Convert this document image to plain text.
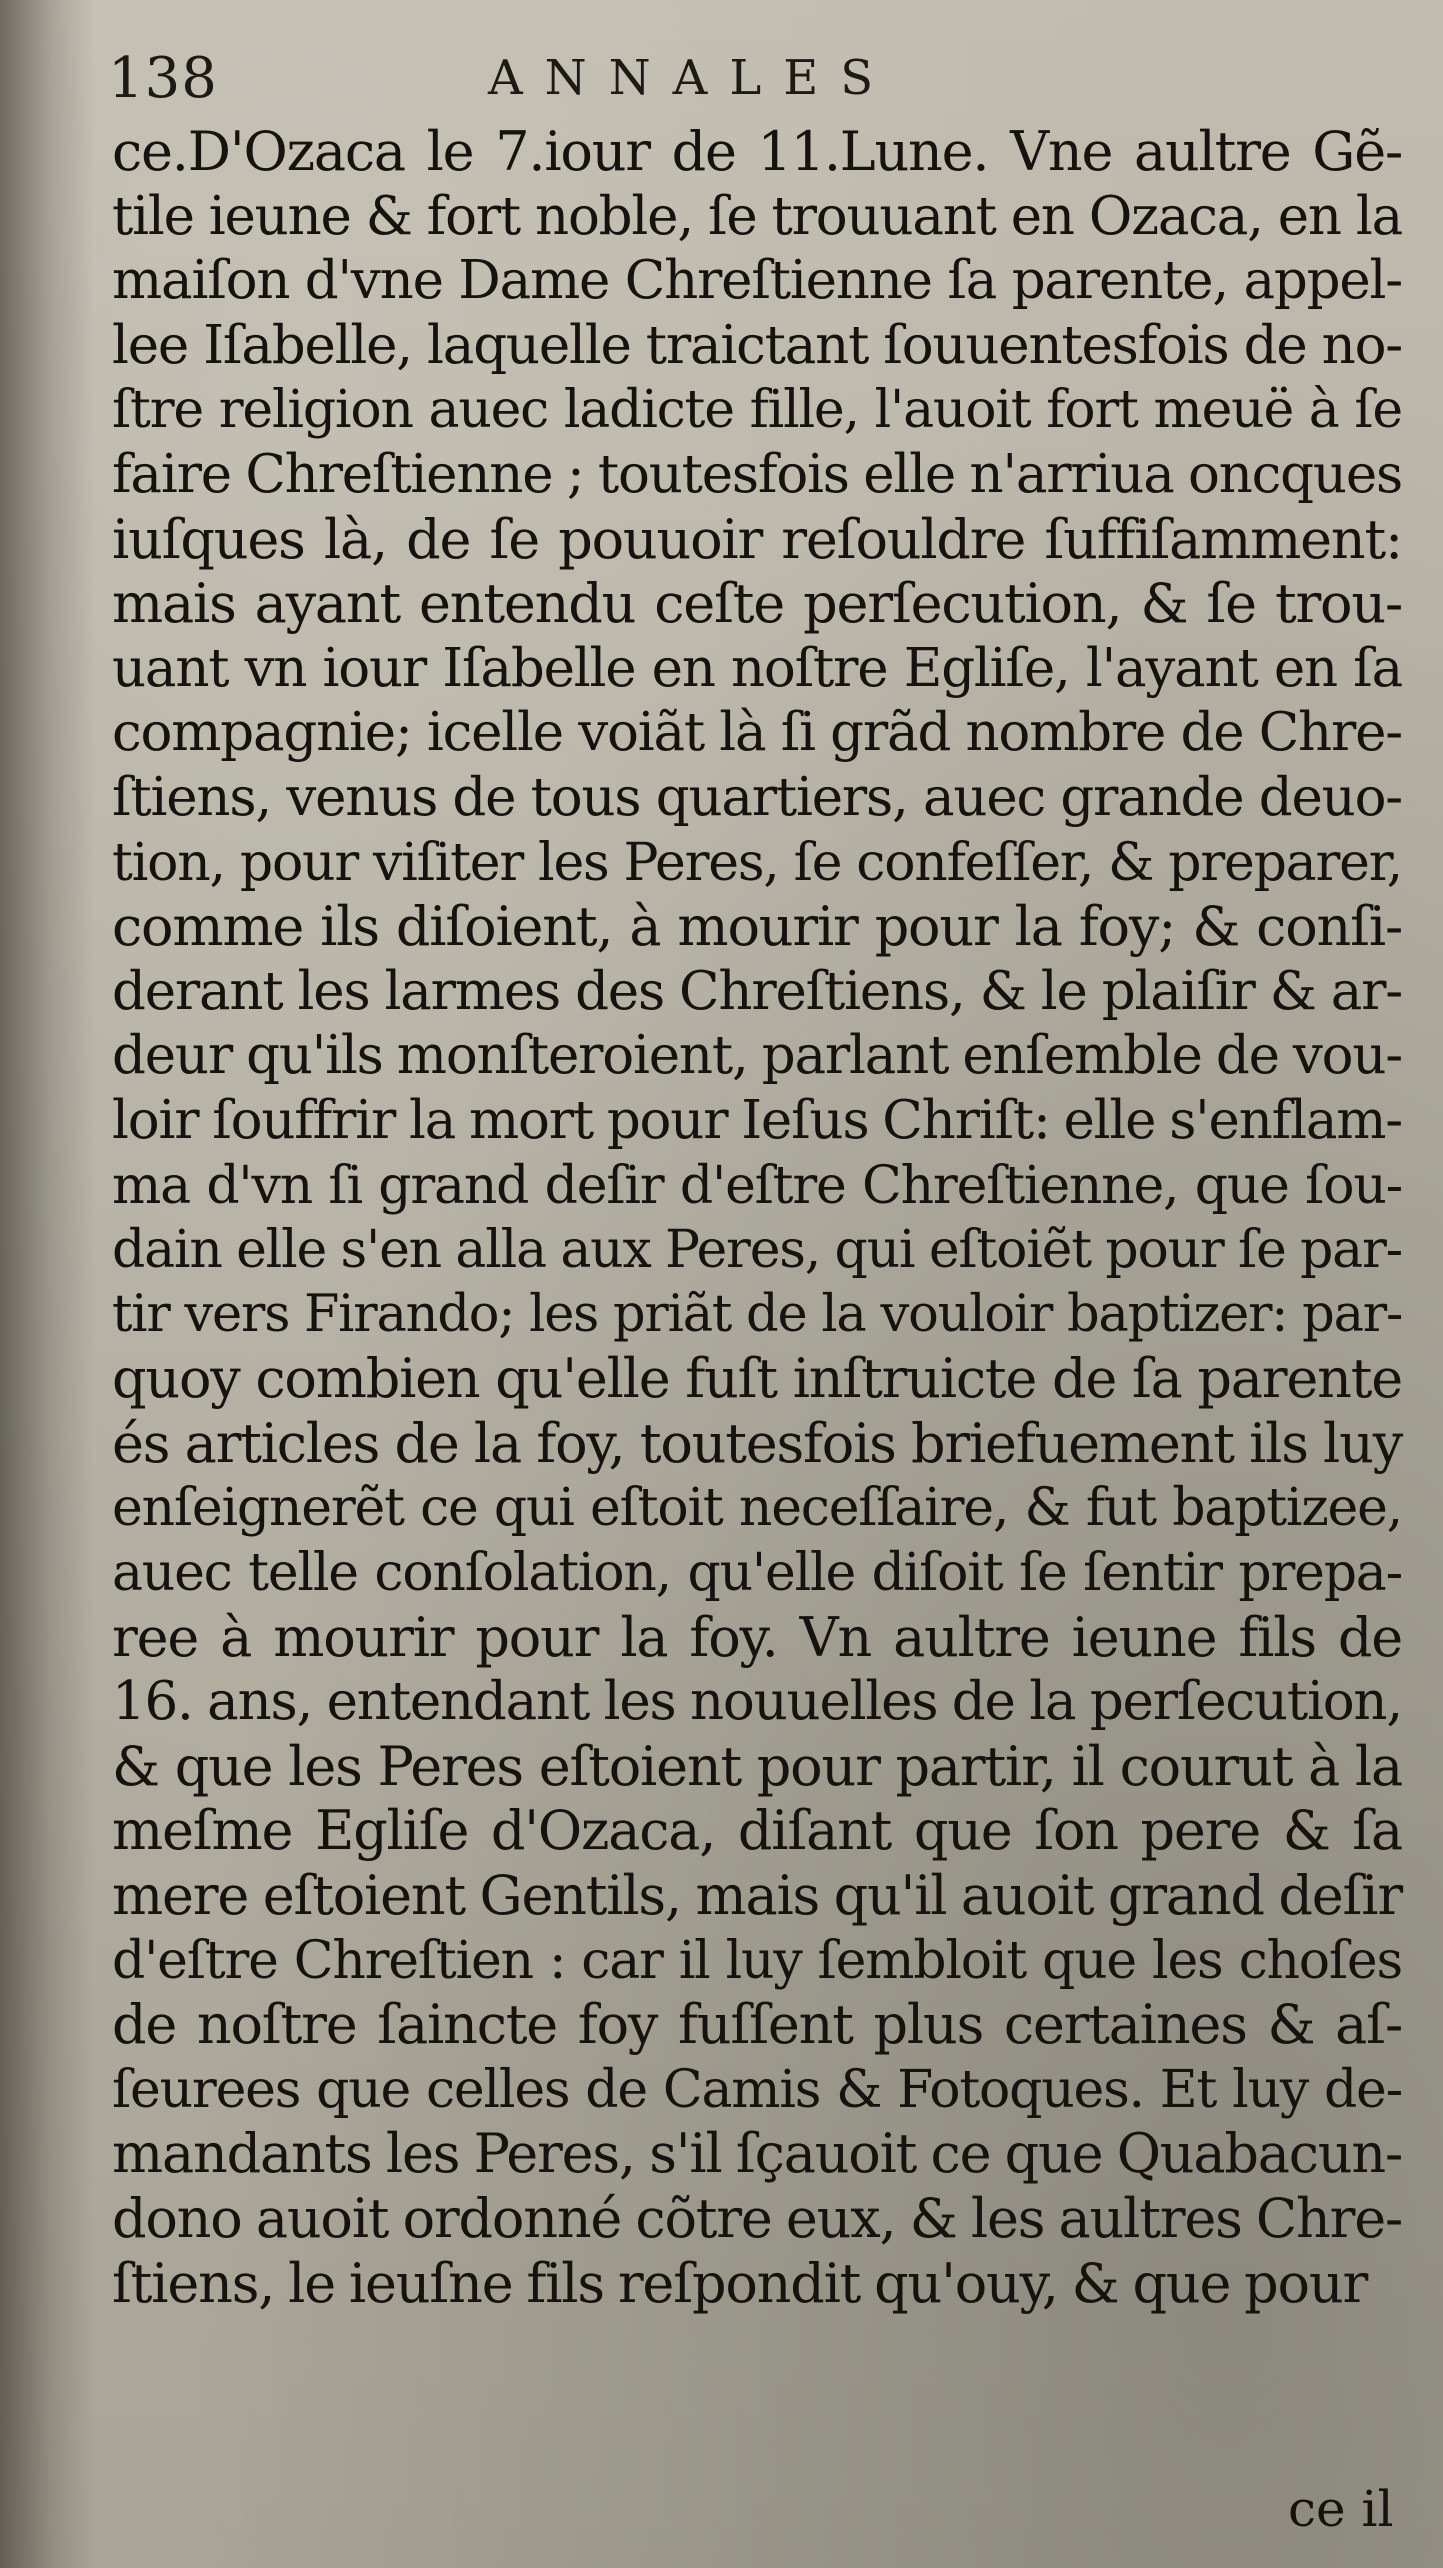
138	ANNALES
ce.D'Ozaca le 7.iour de 11.Lune. Vne aultre Gẽ-
tile ieune & fort noble, ſe trouuant en Ozaca, en la
maiſon d'vne Dame Chreſtienne ſa parente, appel-
lee Iſabelle, laquelle traictant ſouuentesfois de no-
ſtre religion auec ladicte fille, l'auoit fort meuë à ſe
faire Chreſtienne ; toutesfois elle n'arriua oncques
iuſques là, de ſe pouuoir reſouldre ſuffiſamment:
mais ayant entendu ceſte perſecution, & ſe trou-
uant vn iour Iſabelle en noſtre Egliſe, l'ayant en ſa
compagnie; icelle voiãt là ſi grãd nombre de Chre-
ſtiens, venus de tous quartiers, auec grande deuo-
tion, pour viſiter les Peres, ſe confeſſer, & preparer,
comme ils diſoient, à mourir pour la foy; & conſi-
derant les larmes des Chreſtiens, & le plaiſir & ar-
deur qu'ils monſteroient, parlant enſemble de vou-
loir ſouffrir la mort pour Ieſus Chriſt: elle s'enflam-
ma d'vn ſi grand deſir d'eſtre Chreſtienne, que ſou-
dain elle s'en alla aux Peres, qui eſtoiẽt pour ſe par-
tir vers Firando; les priãt de la vouloir baptizer: par-
quoy combien qu'elle fuſt inſtruicte de ſa parente
és articles de la foy, toutesfois briefuement ils luy
enſeignerẽt ce qui eſtoit neceſſaire, & fut baptizee,
auec telle conſolation, qu'elle diſoit ſe ſentir prepa-
ree à mourir pour la foy. Vn aultre ieune fils de
16. ans, entendant les nouuelles de la perſecution,
& que les Peres eſtoient pour partir, il courut à la
meſme Egliſe d'Ozaca, diſant que ſon pere & ſa
mere eſtoient Gentils, mais qu'il auoit grand deſir
d'eſtre Chreſtien : car il luy ſembloit que les choſes
de noſtre ſaincte foy fuſſent plus certaines & aſ-
ſeurees que celles de Camis & Fotoques. Et luy de-
mandants les Peres, s'il ſçauoit ce que Quabacun-
dono auoit ordonné cõtre eux, & les aultres Chre-
ſtiens, le ieuſne fils reſpondit qu'ouy, & que pour
ce il
